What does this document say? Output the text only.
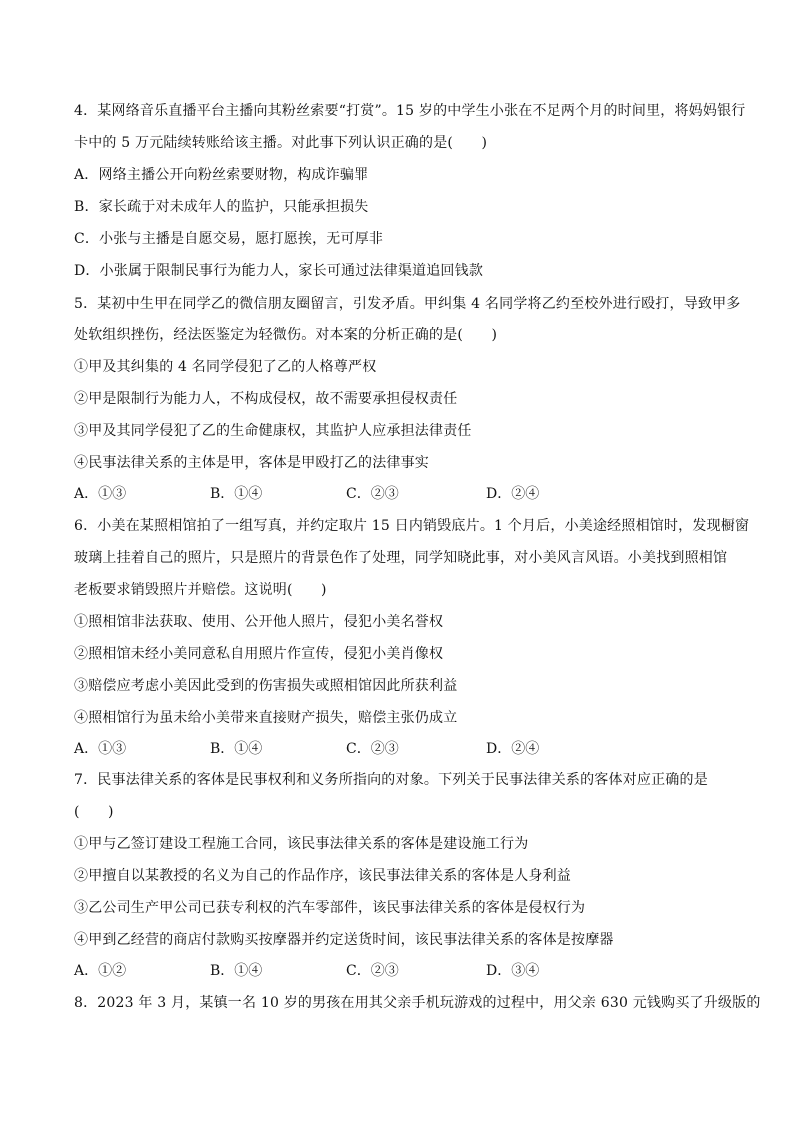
4．某网络音乐直播平台主播向其粉丝索要“打赏”。15 岁的中学生小张在不足两个月的时间里，将妈妈银行
卡中的 5 万元陆续转账给该主播。对此事下列认识正确的是(　　)
A．网络主播公开向粉丝索要财物，构成诈骗罪
B．家长疏于对未成年人的监护，只能承担损失
C．小张与主播是自愿交易，愿打愿挨，无可厚非
D．小张属于限制民事行为能力人，家长可通过法律渠道追回钱款
5．某初中生甲在同学乙的微信朋友圈留言，引发矛盾。甲纠集 4 名同学将乙约至校外进行殴打，导致甲多
处软组织挫伤，经法医鉴定为轻微伤。对本案的分析正确的是(　　)
①甲及其纠集的 4 名同学侵犯了乙的人格尊严权
②甲是限制行为能力人，不构成侵权，故不需要承担侵权责任
③甲及其同学侵犯了乙的生命健康权，其监护人应承担法律责任
④民事法律关系的主体是甲，客体是甲殴打乙的法律事实
A．①③	B．①④	C．②③	D．②④
6．小美在某照相馆拍了一组写真，并约定取片 15 日内销毁底片。1 个月后，小美途经照相馆时，发现橱窗
玻璃上挂着自己的照片，只是照片的背景色作了处理，同学知晓此事，对小美风言风语。小美找到照相馆
老板要求销毁照片并赔偿。这说明(　　)
①照相馆非法获取、使用、公开他人照片，侵犯小美名誉权
②照相馆未经小美同意私自用照片作宣传，侵犯小美肖像权
③赔偿应考虑小美因此受到的伤害损失或照相馆因此所获利益
④照相馆行为虽未给小美带来直接财产损失，赔偿主张仍成立
A．①③	B．①④	C．②③	D．②④
7．民事法律关系的客体是民事权利和义务所指向的对象。下列关于民事法律关系的客体对应正确的是
(　　)
①甲与乙签订建设工程施工合同，该民事法律关系的客体是建设施工行为
②甲擅自以某教授的名义为自己的作品作序，该民事法律关系的客体是人身利益
③乙公司生产甲公司已获专利权的汽车零部件，该民事法律关系的客体是侵权行为
④甲到乙经营的商店付款购买按摩器并约定送货时间，该民事法律关系的客体是按摩器
A．①②	B．①④	C．②③	D．③④
8．2023 年 3 月，某镇一名 10 岁的男孩在用其父亲手机玩游戏的过程中，用父亲 630 元钱购买了升级版的
